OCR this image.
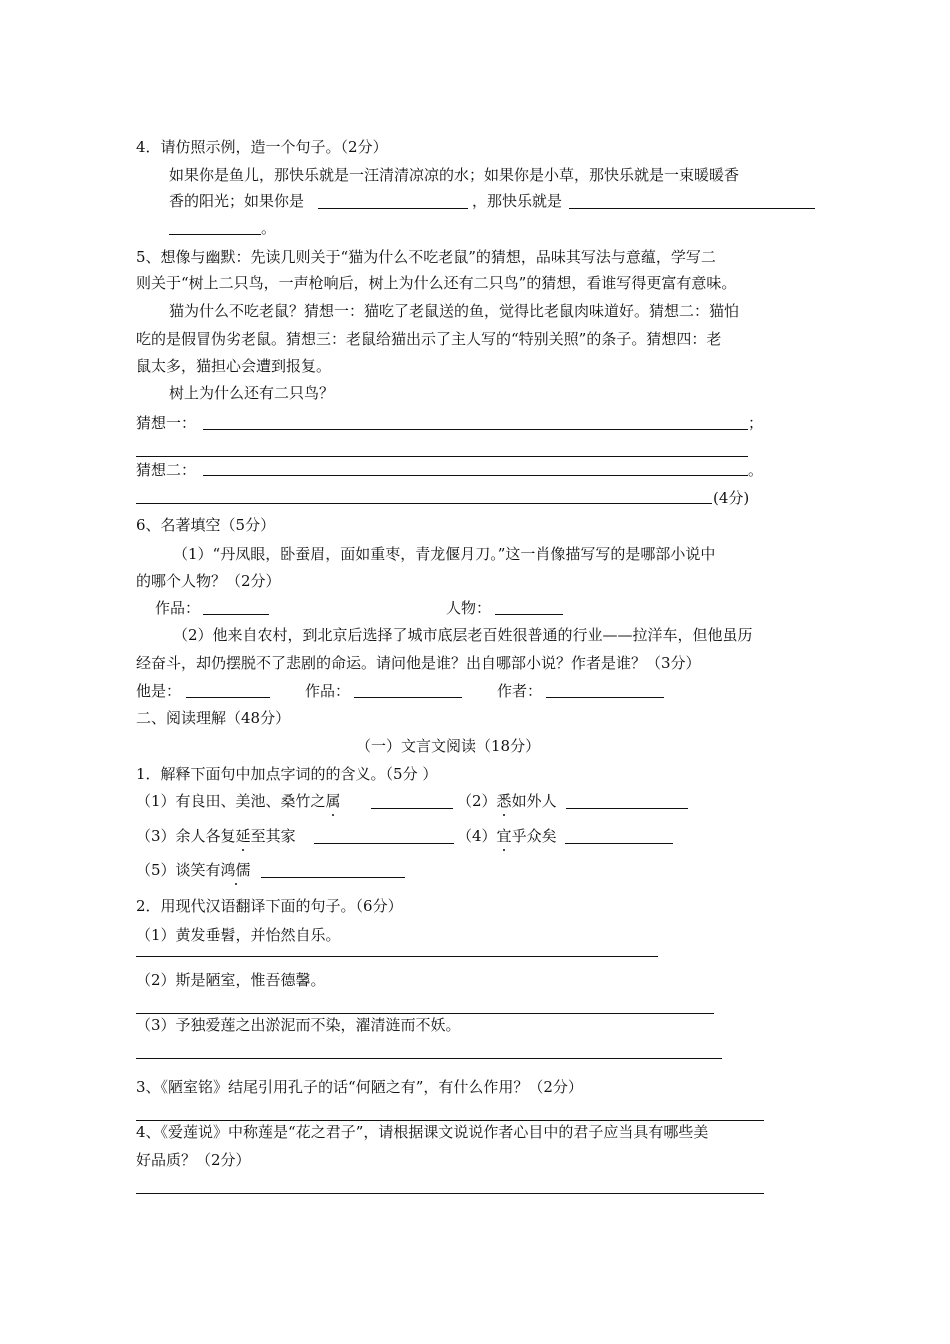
4．请仿照示例，造一个句子。（2分）
如果你是鱼儿，那快乐就是一汪清清凉凉的水；如果你是小草，那快乐就是一束暖暖香
香的阳光；如果你是	，那快乐就是
。
5、想像与幽默：先读几则关于“猫为什么不吃老鼠”的猜想，品味其写法与意蕴，学写二
则关于“树上二只鸟，一声枪响后，树上为什么还有二只鸟”的猜想，看谁写得更富有意味。
猫为什么不吃老鼠？猜想一：猫吃了老鼠送的鱼，觉得比老鼠肉味道好。猜想二：猫怕
吃的是假冒伪劣老鼠。猜想三：老鼠给猫出示了主人写的“特别关照”的条子。猜想四：老
鼠太多，猫担心会遭到报复。
树上为什么还有二只鸟？
猜想一：	；
猜想二：	。
(4分)
6、名著填空（5分）
（1）“丹凤眼，卧蚕眉，面如重枣，青龙偃月刀。”这一肖像描写写的是哪部小说中
的哪个人物？（2分）
作品：	人物：
（2）他来自农村，到北京后选择了城市底层老百姓很普通的行业——拉洋车，但他虽历
经奋斗，却仍摆脱不了悲剧的命运。请问他是谁？出自哪部小说？作者是谁？（3分）
他是：	作品：	作者：
二、阅读理解（48分）
（一）文言文阅读（18分）
1．解释下面句中加点字词的的含义。（5分 ）
（1）有良田、美池、桑竹之属	（2）悉如外人
（3）余人各复延至其家	（4）宜乎众矣
（5）谈笑有鸿儒
2．用现代汉语翻译下面的句子。（6分）
（1）黄发垂髫，并怡然自乐。
（2）斯是陋室，惟吾德馨。
（3）予独爱莲之出淤泥而不染，濯清涟而不妖。
3、《陋室铭》结尾引用孔子的话“何陋之有”，有什么作用？（2分）
4、《爱莲说》中称莲是“花之君子”，请根据课文说说作者心目中的君子应当具有哪些美
好品质？（2分）
